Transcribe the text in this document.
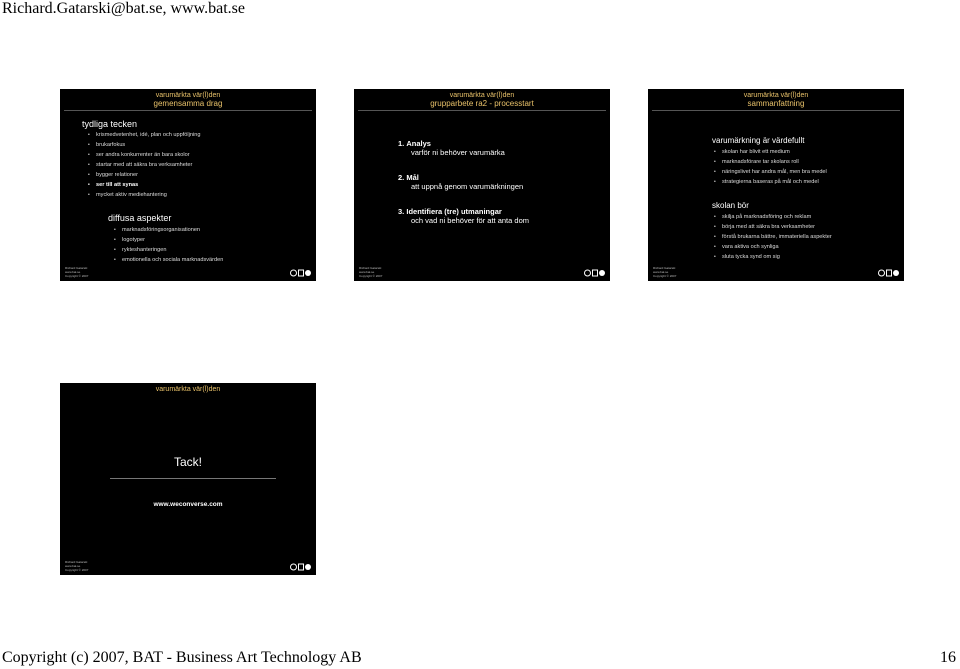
Richard.Gatarski@bat.se, www.bat.se
varumärkta vär(l)den
gemensamma drag
tydliga tecken
• krismedvetenhet, idé, plan och uppföljning
• brukarfokus
• ser andra konkurrenter än bara skolor
• startar med att säkra bra verksamheter
• bygger relationer
• ser till att synas
• mycket aktiv mediehantering
diffusa aspekter
• marknadsföringsorganisationen
• logotyper
• rykteshanteringen
• emotionella och sociala marknadsvärden
Richard Gatarski
www.bat.se
Copyright © 2007
varumärkta vär(l)den
grupparbete ra2 - processtart
1. Analys
varför ni behöver varumärka
2. Mål
att uppnå genom varumärkningen
3. Identifiera (tre) utmaningar
och vad ni behöver för att anta dom
Richard Gatarski
www.bat.se
Copyright © 2007
varumärkta vär(l)den
sammanfattning
varumärkning är värdefullt
• skolan har blivit ett medium
• marknadsförare tar skolans roll
• näringslivet har andra mål, men bra medel
• strategierna baseras på mål och medel
skolan bör
• skilja på marknadsföring och reklam
• börja med att säkra bra verksamheter
• förstå brukarna bättre, immateriella aspekter
• vara aktiva och synliga
• sluta tycka synd om sig
Richard Gatarski
www.bat.se
Copyright © 2007
varumärkta vär(l)den
Tack!
www.weconverse.com
Richard Gatarski
www.bat.se
Copyright © 2007
Copyright (c) 2007, BAT - Business Art Technology AB	16
